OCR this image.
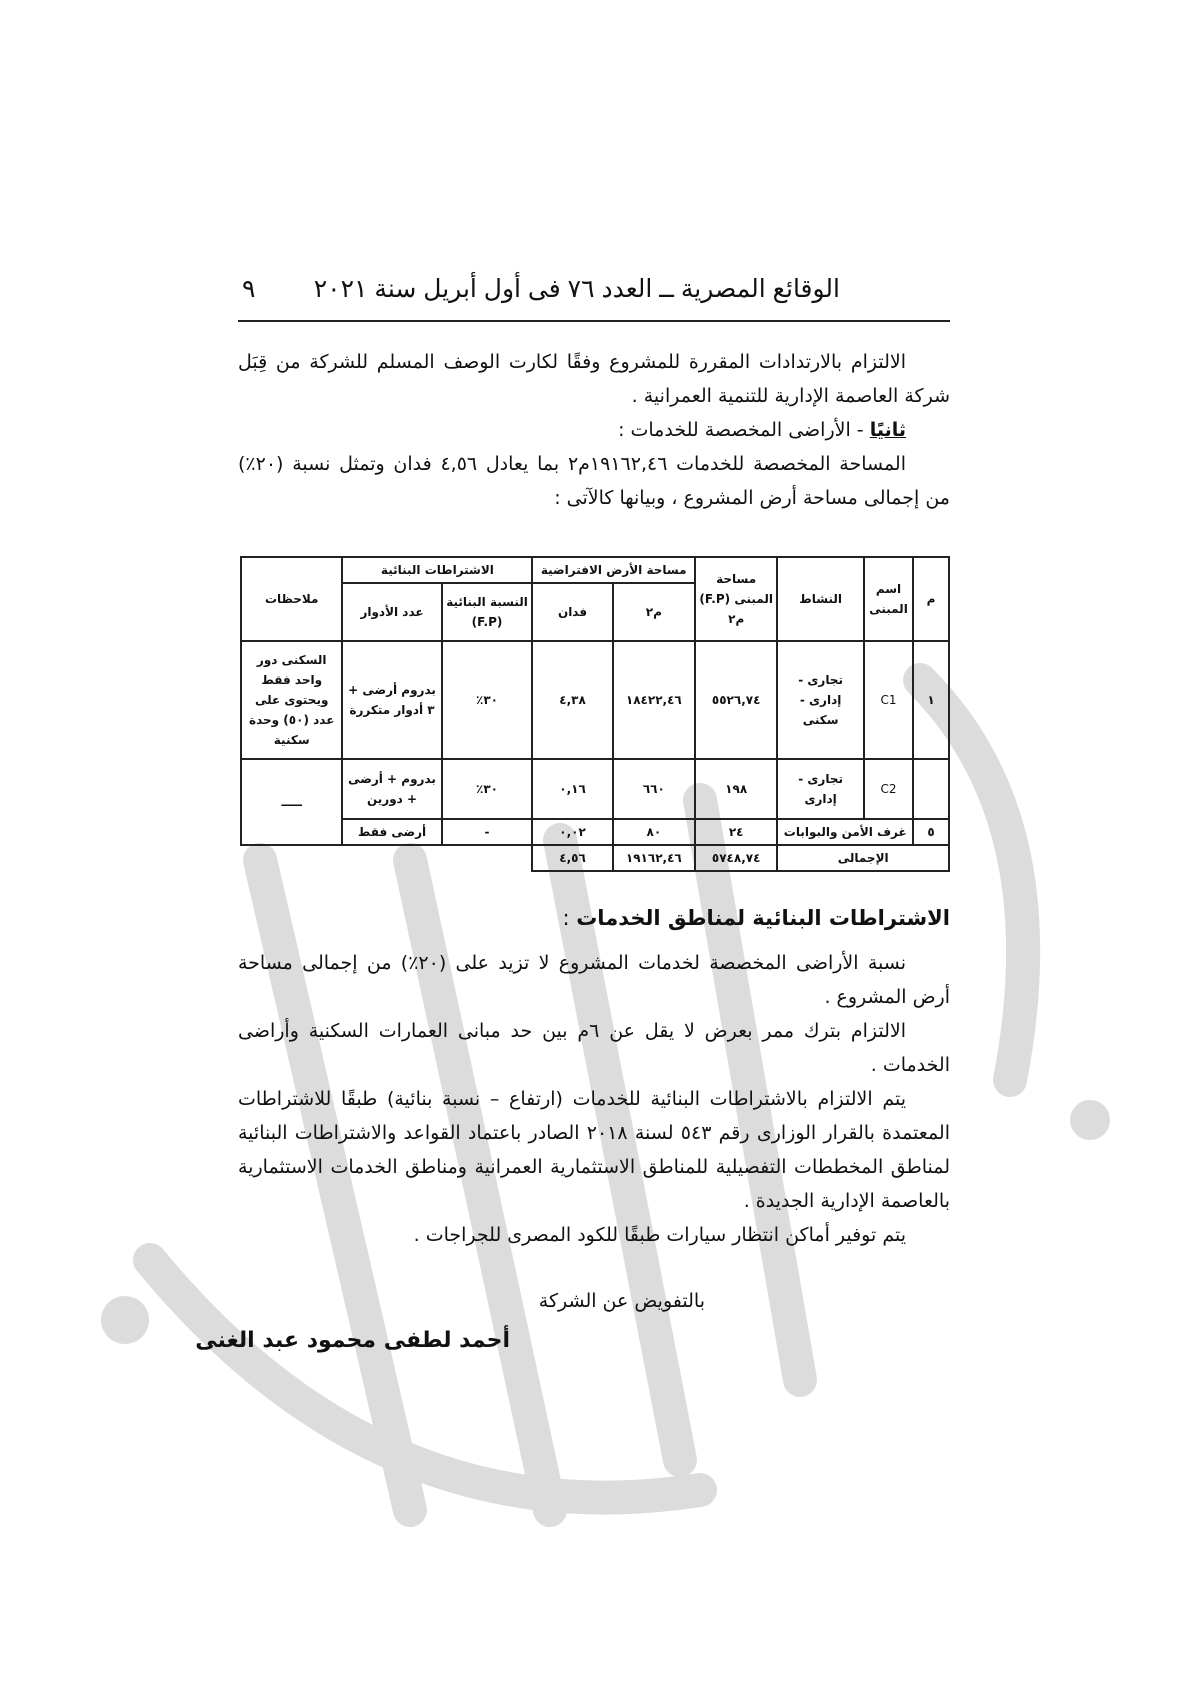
الوقائع المصرية ــ العدد ٧٦ فى أول أبريل سنة ٢٠٢١
٩

الالتزام بالارتدادات المقررة للمشروع وفقًا لكارت الوصف المسلم للشركة من قِبَل شركة العاصمة الإدارية للتنمية العمرانية .

ثانيًا - الأراضى المخصصة للخدمات :

المساحة المخصصة للخدمات ١٩١٦٢,٤٦م٢ بما يعادل ٤,٥٦ فدان وتمثل نسبة (٢٠٪) من إجمالى مساحة أرض المشروع ، وبيانها كالآتى :

م	اسم المبنى	النشاط	مساحة المبنى (F.P) م٢	مساحة الأرض الافتراضية		الاشتراطات البنائية		ملاحظات
				م٢	فدان	النسبة البنائية (F.P)	عدد الأدوار	
١	C1	تجارى - إدارى - سكنى	٥٥٢٦,٧٤	١٨٤٢٢,٤٦	٤,٣٨	٣٠٪	بدروم أرضى + ٣ أدوار متكررة	السكنى دور واحد فقط ويحتوى على عدد (٥٠) وحدة سكنية
	C2	تجارى - إدارى	١٩٨	٦٦٠	٠,١٦	٣٠٪	بدروم + أرضى + دورين	ـــــ
٥	غرف الأمن والبوابات		٢٤	٨٠	٠,٠٢	-	أرضى فقط	
الإجمالى			٥٧٤٨,٧٤	١٩١٦٢,٤٦	٤,٥٦			
الاشتراطات البنائية لمناطق الخدمات :

نسبة الأراضى المخصصة لخدمات المشروع لا تزيد على (٢٠٪) من إجمالى مساحة أرض المشروع .

الالتزام بترك ممر بعرض لا يقل عن ٦م بين حد مبانى العمارات السكنية وأراضى الخدمات .

يتم الالتزام بالاشتراطات البنائية للخدمات (ارتفاع – نسبة بنائية) طبقًا للاشتراطات المعتمدة بالقرار الوزارى رقم ٥٤٣ لسنة ٢٠١٨ الصادر باعتماد القواعد والاشتراطات البنائية لمناطق المخططات التفصيلية للمناطق الاستثمارية العمرانية ومناطق الخدمات الاستثمارية بالعاصمة الإدارية الجديدة .

يتم توفير أماكن انتظار سيارات طبقًا للكود المصرى للجراجات .

بالتفويض عن الشركة
أحمد لطفى محمود عبد الغنى
